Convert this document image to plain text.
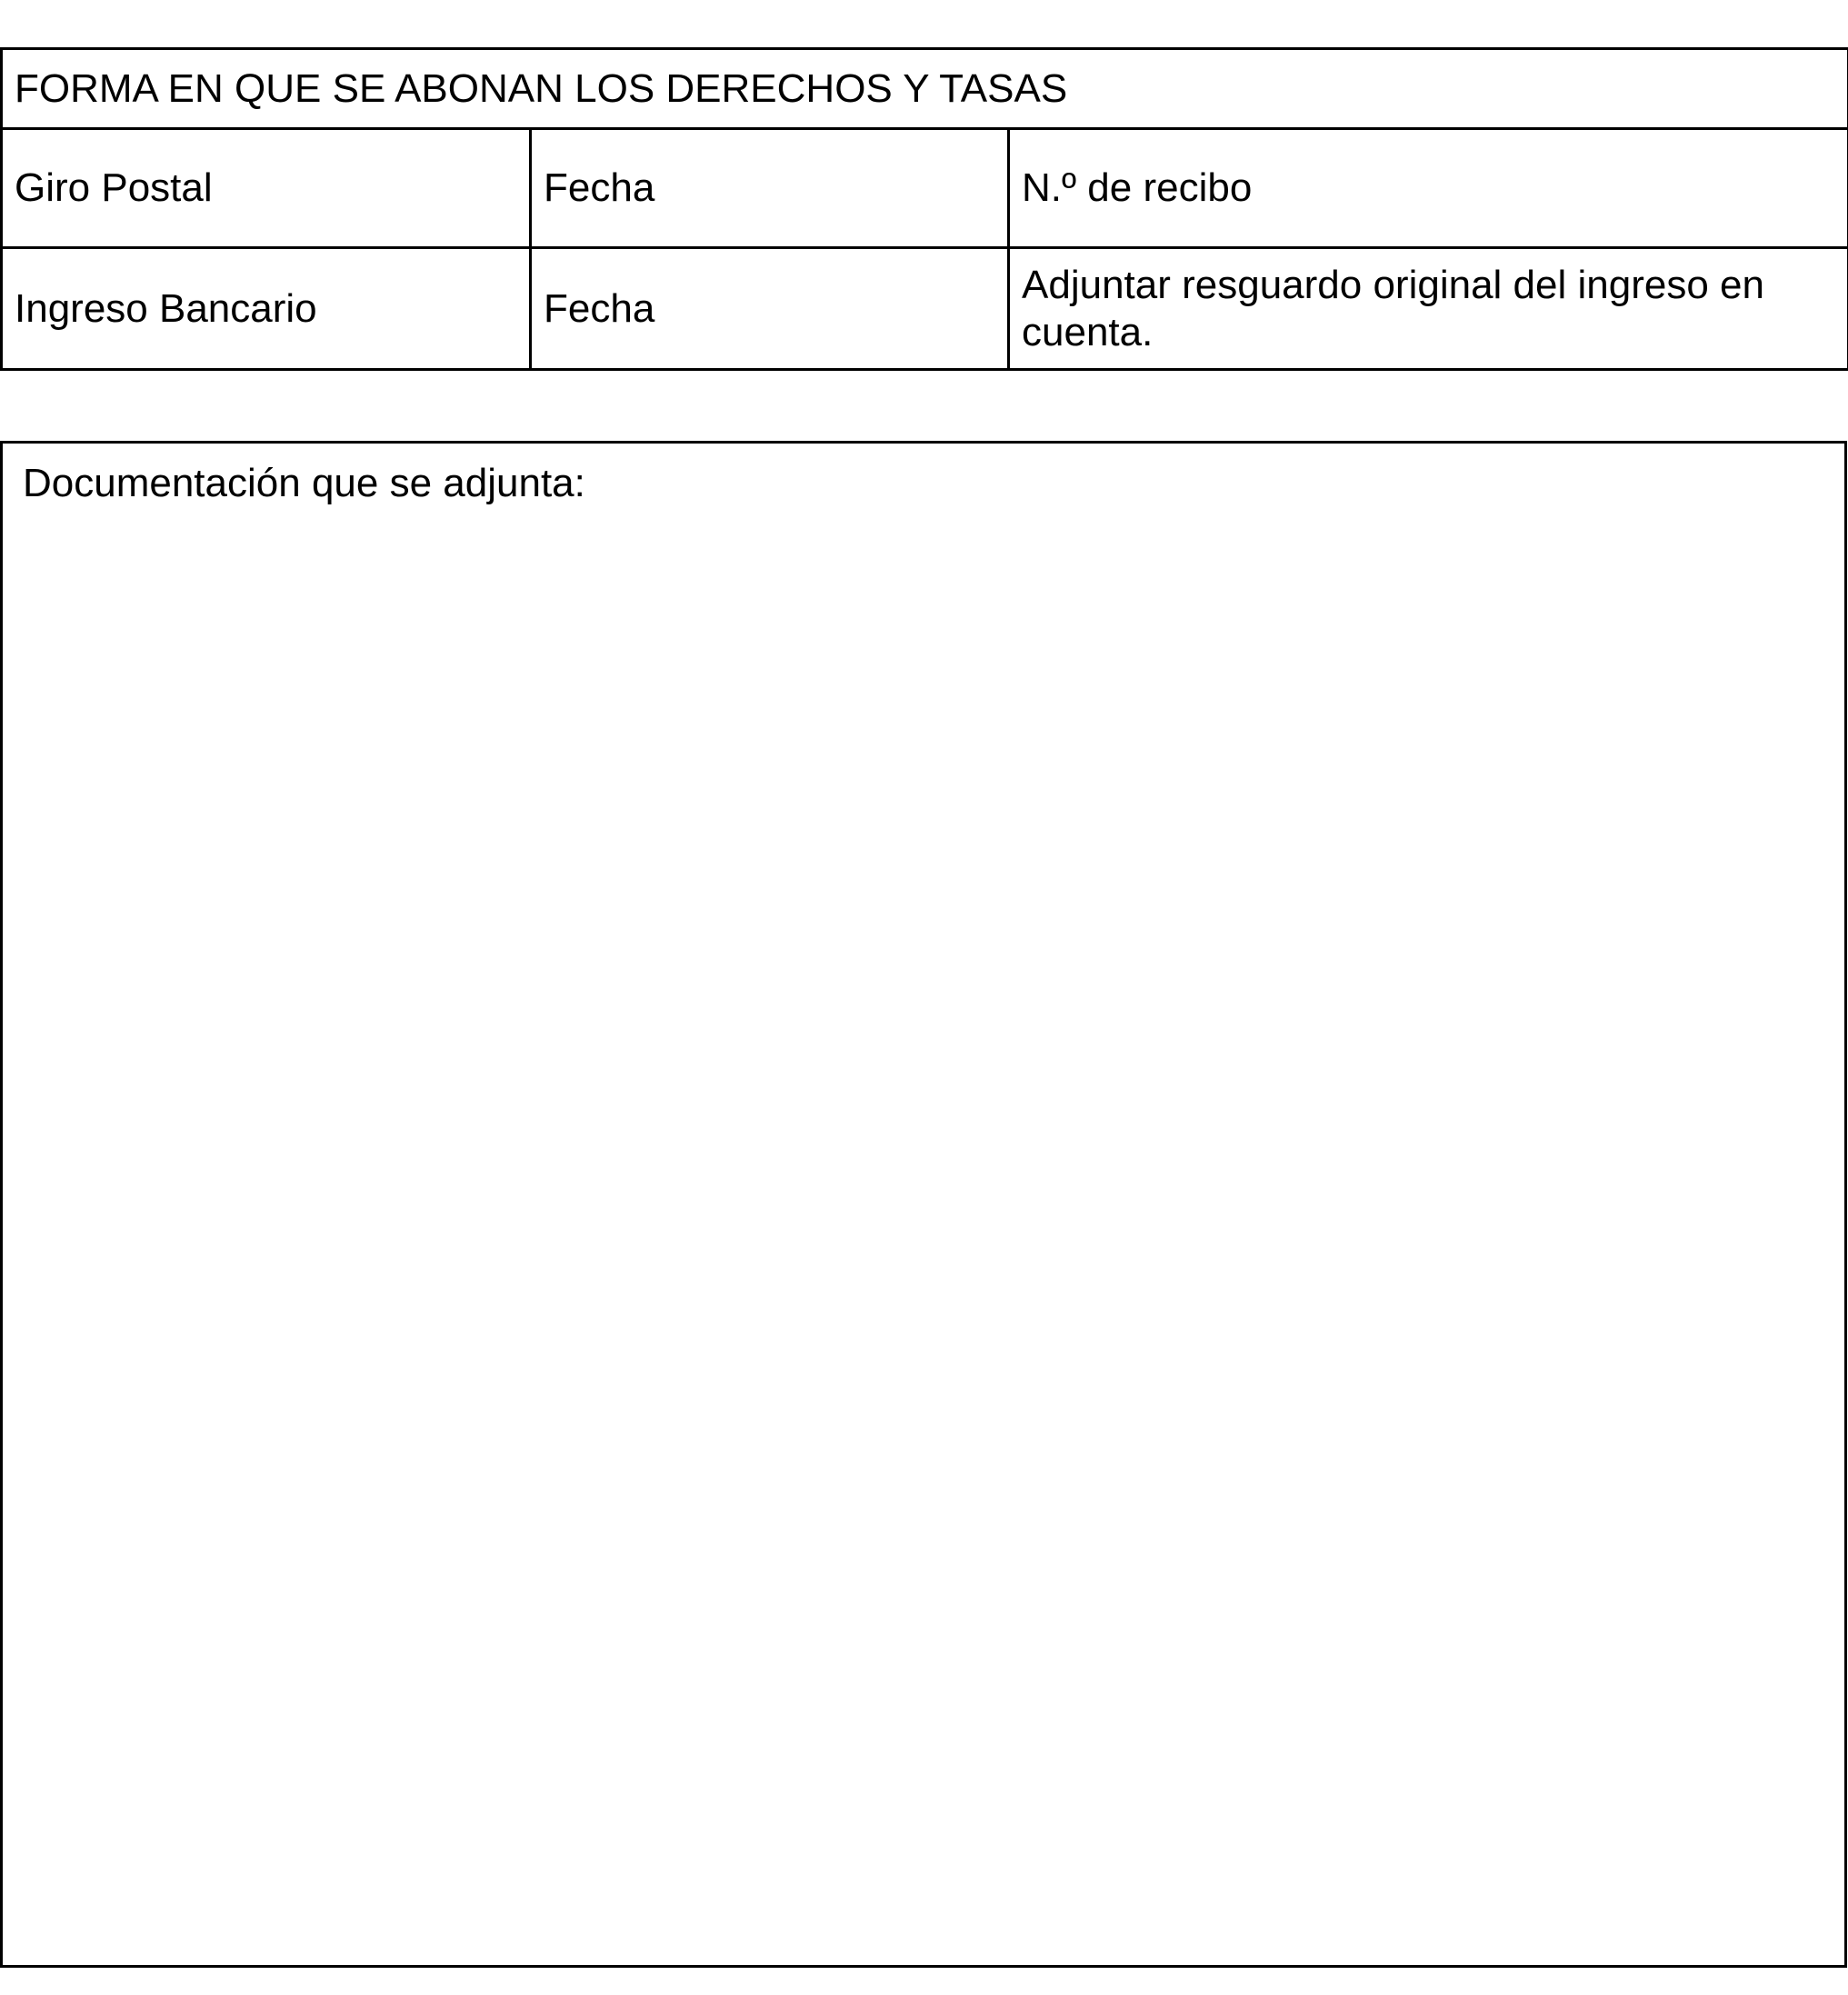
FORMA EN QUE SE ABONAN LOS DERECHOS Y TASAS		
Giro Postal	Fecha	N.º de recibo
Ingreso Bancario	Fecha	Adjuntar resguardo original del ingreso en cuenta.
Documentación que se adjunta:
